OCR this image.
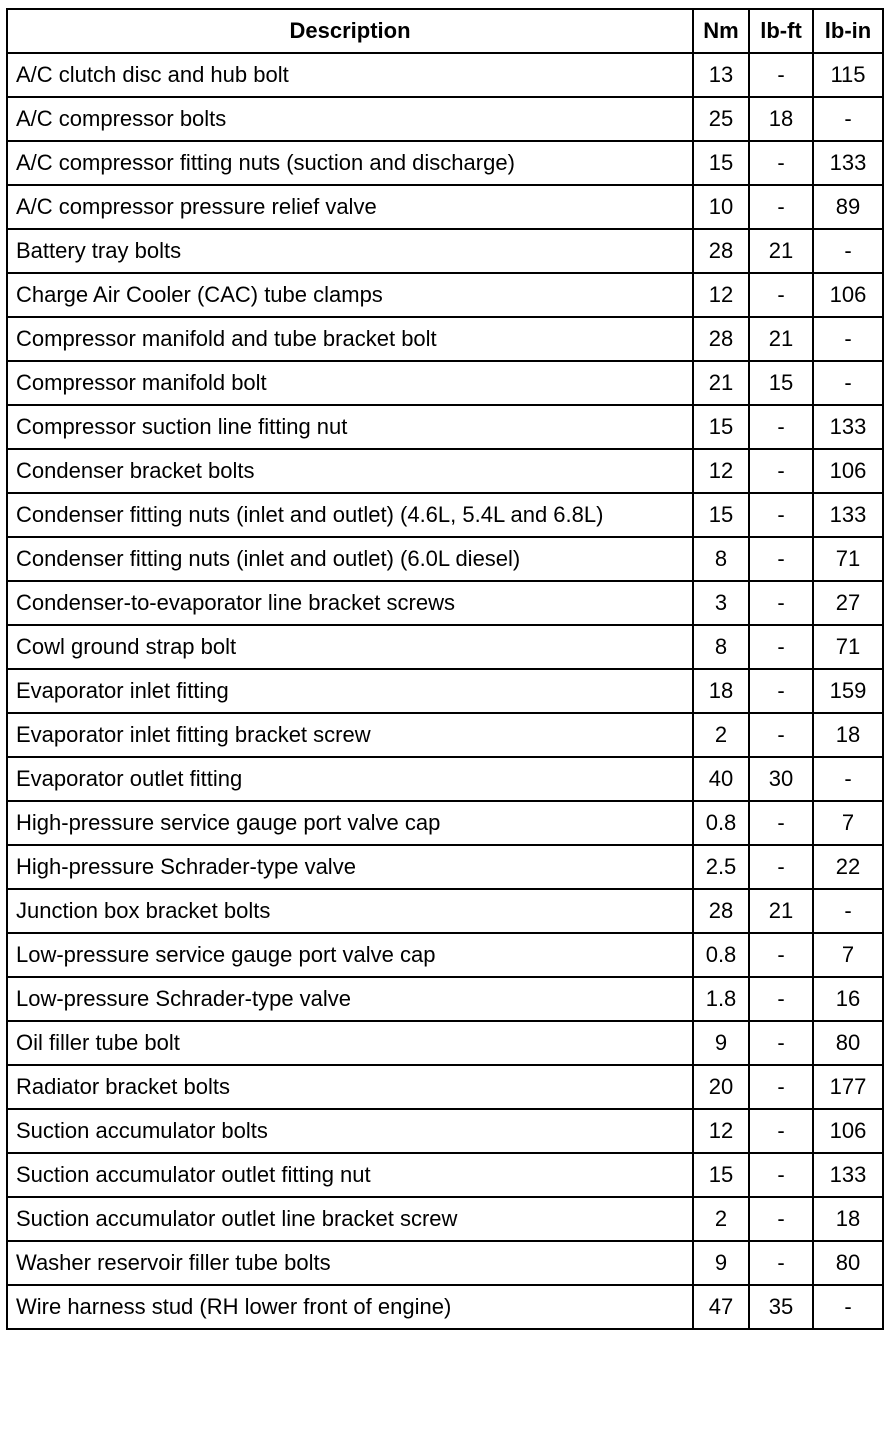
Description	Nm	lb-ft	lb-in
A/C clutch disc and hub bolt	13	-	115
A/C compressor bolts	25	18	-
A/C compressor fitting nuts (suction and discharge)	15	-	133
A/C compressor pressure relief valve	10	-	89
Battery tray bolts	28	21	-
Charge Air Cooler (CAC) tube clamps	12	-	106
Compressor manifold and tube bracket bolt	28	21	-
Compressor manifold bolt	21	15	-
Compressor suction line fitting nut	15	-	133
Condenser bracket bolts	12	-	106
Condenser fitting nuts (inlet and outlet) (4.6L, 5.4L and 6.8L)	15	-	133
Condenser fitting nuts (inlet and outlet) (6.0L diesel)	8	-	71
Condenser-to-evaporator line bracket screws	3	-	27
Cowl ground strap bolt	8	-	71
Evaporator inlet fitting	18	-	159
Evaporator inlet fitting bracket screw	2	-	18
Evaporator outlet fitting	40	30	-
High-pressure service gauge port valve cap	0.8	-	7
High-pressure Schrader-type valve	2.5	-	22
Junction box bracket bolts	28	21	-
Low-pressure service gauge port valve cap	0.8	-	7
Low-pressure Schrader-type valve	1.8	-	16
Oil filler tube bolt	9	-	80
Radiator bracket bolts	20	-	177
Suction accumulator bolts	12	-	106
Suction accumulator outlet fitting nut	15	-	133
Suction accumulator outlet line bracket screw	2	-	18
Washer reservoir filler tube bolts	9	-	80
Wire harness stud (RH lower front of engine)	47	35	-
